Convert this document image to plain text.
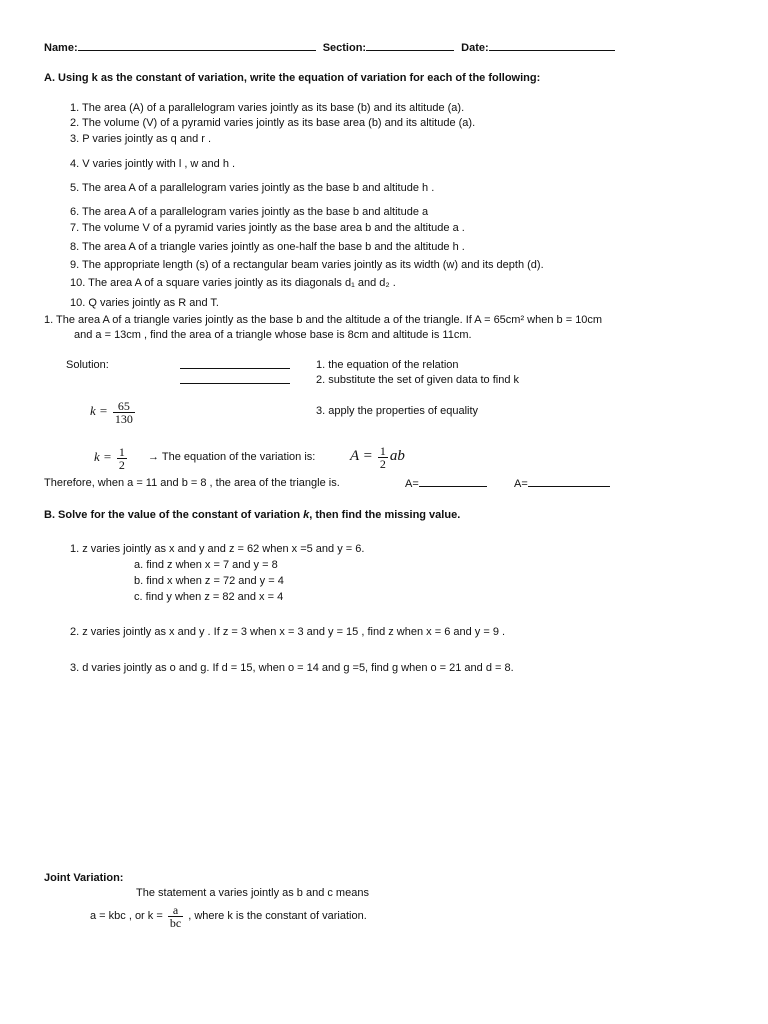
Name:	Section:	Date:
A. Using k as the constant of variation, write the equation of variation for each of the following:
1. The area (A) of a parallelogram varies jointly as its base (b) and its altitude (a).
2. The volume (V) of a pyramid varies jointly as its base area (b) and its altitude (a).
3. P varies jointly as q and r .
4. V varies jointly with l , w and h .
5. The area A of a parallelogram varies jointly as the base b and altitude h .
6. The area A of a parallelogram varies jointly as the base b and altitude a
7. The volume V of a pyramid varies jointly as the base area b and the altitude a .
8. The area A of a triangle varies jointly as one-half the base b and the altitude h .
9. The appropriate length (s) of a rectangular beam varies jointly as its width (w) and its depth (d).
10. The area A of a square varies jointly as its diagonals d₁ and d₂ .
10. Q varies jointly as R and T.
1. The area A of a triangle varies jointly as the base b and the altitude a of the triangle. If A = 65cm² when b = 10cm
and a = 13cm , find the area of a triangle whose base is 8cm and altitude is 11cm.
Solution:	1. the equation of the relation
2. substitute the set of given data to find k
3. apply the properties of equality
$k = \frac{65}{130}$
$k = \frac{1}{2}$ → The equation of the variation is: $A = \frac{1}{2}$ ab
Therefore, when a = 11 and b = 8 , the area of the triangle is.	A=	A=
B. Solve for the value of the constant of variation k, then find the missing value.
1. z varies jointly as x and y and z = 62 when x =5 and y = 6.
a. find z when x = 7 and y = 8
b. find x when z = 72 and y = 4
c. find y when z = 82 and x = 4
2. z varies jointly as x and y . If z = 3 when x = 3 and y = 15 , find z when x = 6 and y = 9 .
3. d varies jointly as o and g. If d = 15, when o = 14 and g =5, find g when o = 21 and d = 8.
Joint Variation:
The statement a varies jointly as b and c means
a = kbc , or $k = \frac{a}{bc}$ , where k is the constant of variation.
